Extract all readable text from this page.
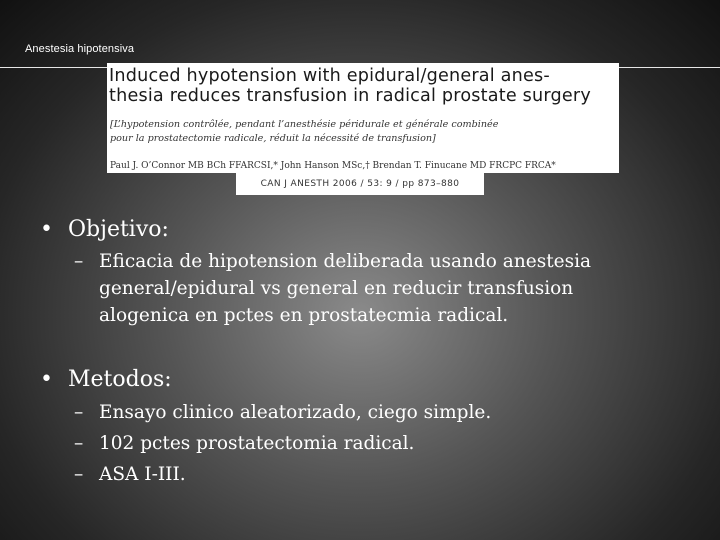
Anestesia hipotensiva
Induced hypotension with epidural/general anes-
thesia reduces transfusion in radical prostate surgery
[L’hypotension contrôlée, pendant l’anesthésie péridurale et générale combinée
pour la prostatectomie radicale, réduit la nécessité de transfusion]
Paul J. O’Connor MB BCh FFARCSI,* John Hanson MSc,† Brendan T. Finucane MD FRCPC FRCA*
CAN J ANESTH 2006 / 53: 9 / pp 873–880
• Objetivo:
– Eficacia de hipotension deliberada usando anestesia
general/epidural vs general en reducir transfusion
alogenica en pctes en prostatecmia radical.
• Metodos:
– Ensayo clinico aleatorizado, ciego simple.
– 102 pctes prostatectomia radical.
– ASA I-III.
